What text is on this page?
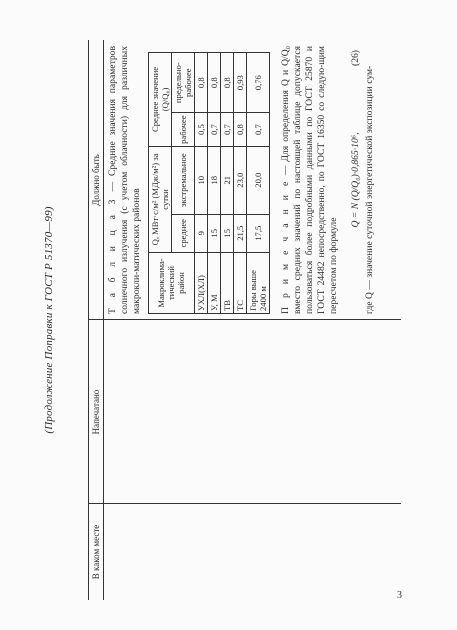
3
(Продолжение Поправки к ГОСТ Р 51370—99)
В каком месте
Напечатано
Должно быть

Т а б л и ц а 3 — Средние значения параметров солнечного излучения (с учетом облачности) для различных макрокли-матических районов Макроклима-тический район	Q, МВт·с/м² (МДж/м²) за сутки		Среднее значение (Q/Q₀)	
	среднее	экстремальное	рабочее	предельно-рабочее
УХЛ(ХЛ)	9	10	0,5	0,8
У, М	15	18	0,7	0,8
ТВ	15	21	0,7	0,8
ТС	21,5	23,0	0,8	0,93
Горы выше 2400 м	17,5	20,0	0,7	0,76

П р и м е ч а н и е — Для определения Q и Q/Q₀ вместо средних значений по настоящей таблице допускается пользоваться более подробными данными по ГОСТ 25870 и ГОСТ 24482 непосредственно, по ГОСТ 16350 со следую-щим пересчетом по формуле

Q = N (Q/Q₀)·0,865·10⁶,
(26)
где Q — значение суточной энергетической экспозиции сум-
